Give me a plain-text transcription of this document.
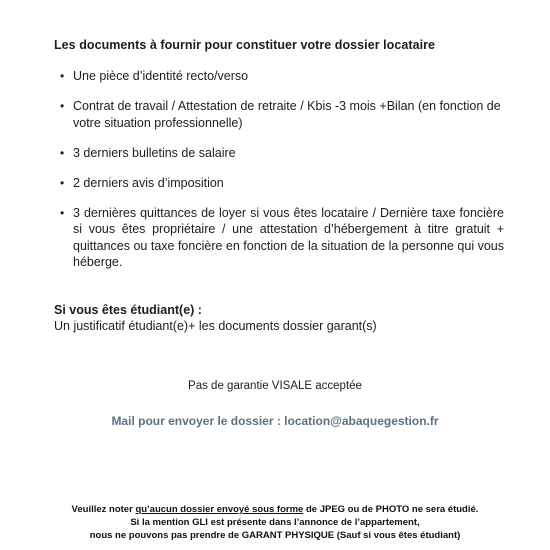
Les documents à fournir pour constituer votre dossier locataire
• Une pièce d’identité recto/verso
• Contrat de travail / Attestation de retraite / Kbis -3 mois +Bilan (en fonction de votre situation professionnelle)
• 3 derniers bulletins de salaire
• 2 derniers avis d’imposition
• 3 dernières quittances de loyer si vous êtes locataire / Dernière taxe foncière si vous êtes propriétaire / une attestation d’hébergement à titre gratuit + quittances ou taxe foncière en fonction de la situation de la personne qui vous héberge.
Si vous êtes étudiant(e) :
Un justificatif étudiant(e)+ les documents dossier garant(s)
Pas de garantie VISALE acceptée
Mail pour envoyer le dossier : location@abaquegestion.fr
Veuillez noter qu’aucun dossier envoyé sous forme de JPEG ou de PHOTO ne sera étudié.
Si la mention GLI est présente dans l’annonce de l’appartement,
nous ne pouvons pas prendre de GARANT PHYSIQUE (Sauf si vous êtes étudiant)
